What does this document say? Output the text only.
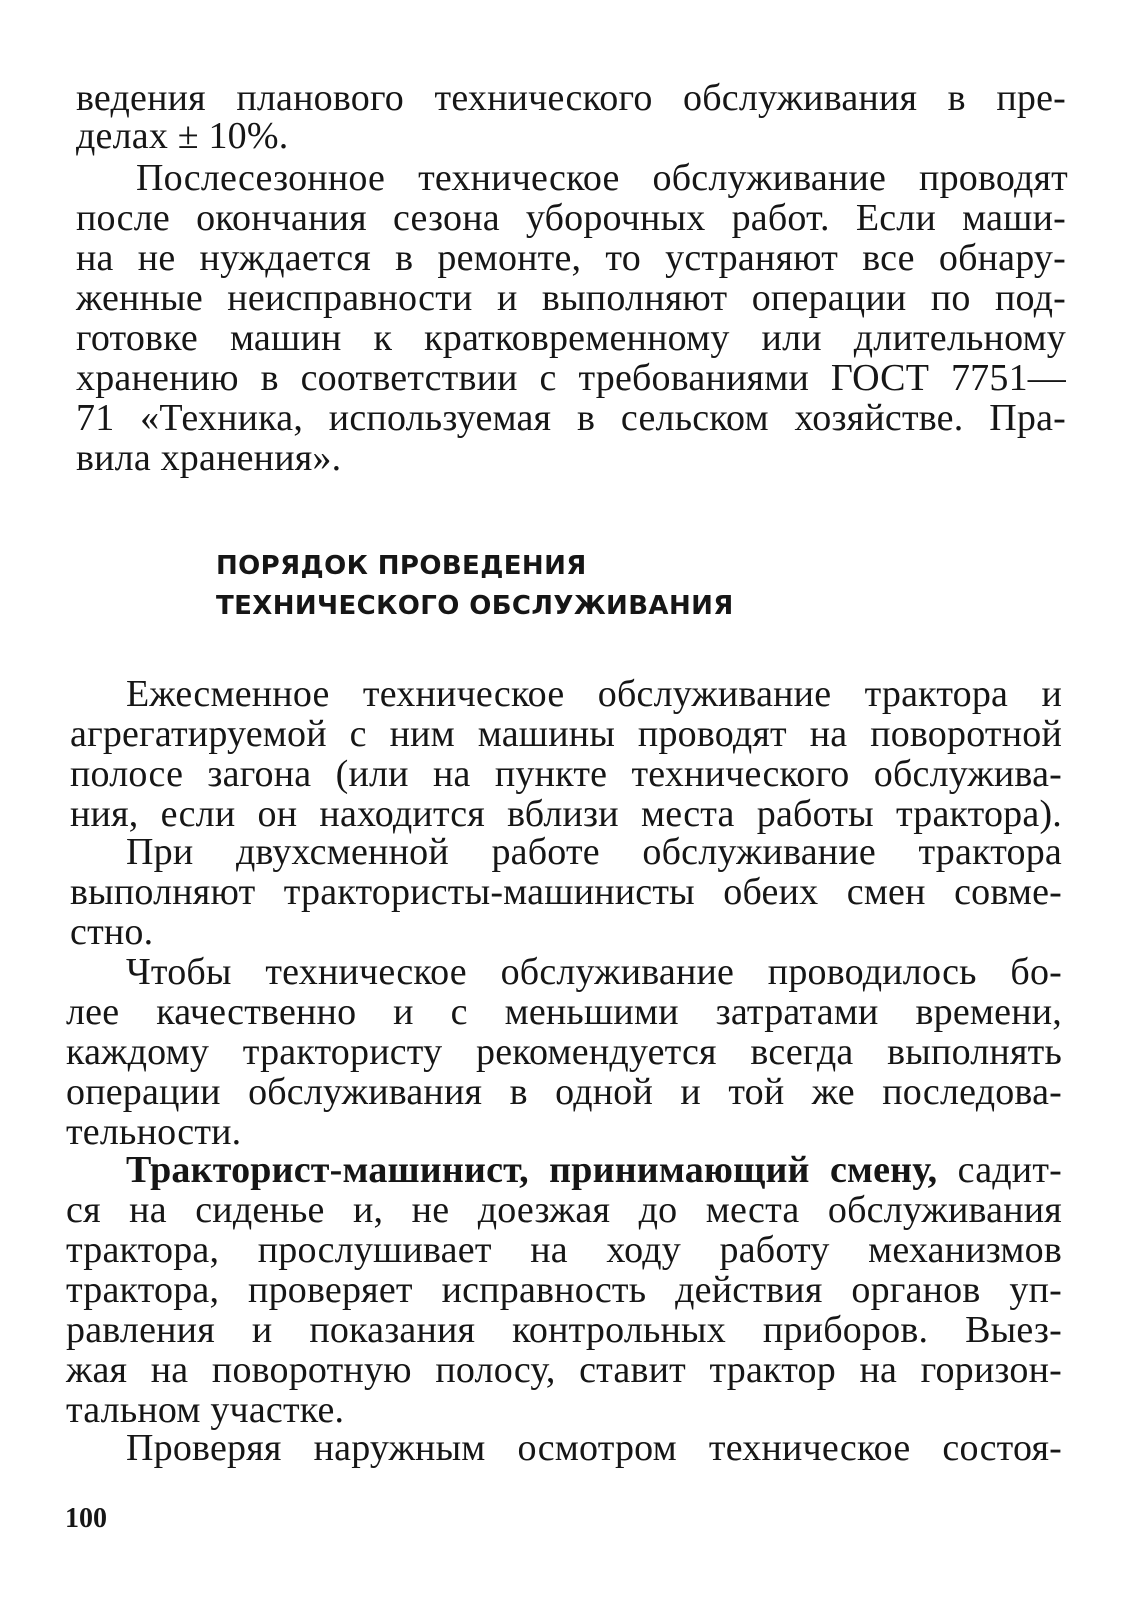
ведения планового технического обслуживания в пре-
делах ± 10%.
Послесезонное техническое обслуживание проводят
после окончания сезона уборочных работ. Если маши-
на не нуждается в ремонте, то устраняют все обнару-
женные неисправности и выполняют операции по под-
готовке машин к кратковременному или длительному
хранению в соответствии с требованиями ГОСТ 7751—
71 «Техника, используемая в сельском хозяйстве. Пра-
вила хранения».
ПОРЯДОК ПРОВЕДЕНИЯ
ТЕХНИЧЕСКОГО ОБСЛУЖИВАНИЯ
Ежесменное техническое обслуживание трактора и
агрегатируемой с ним машины проводят на поворотной
полосе загона (или на пункте технического обслужива-
ния, если он находится вблизи места работы трактора).
При двухсменной работе обслуживание трактора
выполняют трактористы-машинисты обеих смен совме-
стно.
Чтобы техническое обслуживание проводилось бо-
лее качественно и с меньшими затратами времени,
каждому трактористу рекомендуется всегда выполнять
операции обслуживания в одной и той же последова-
тельности.
Тракторист-машинист, принимающий смену, садит-
ся на сиденье и, не доезжая до места обслуживания
трактора, прослушивает на ходу работу механизмов
трактора, проверяет исправность действия органов уп-
равления и показания контрольных приборов. Выез-
жая на поворотную полосу, ставит трактор на горизон-
тальном участке.
Проверяя наружным осмотром техническое состоя-
100
